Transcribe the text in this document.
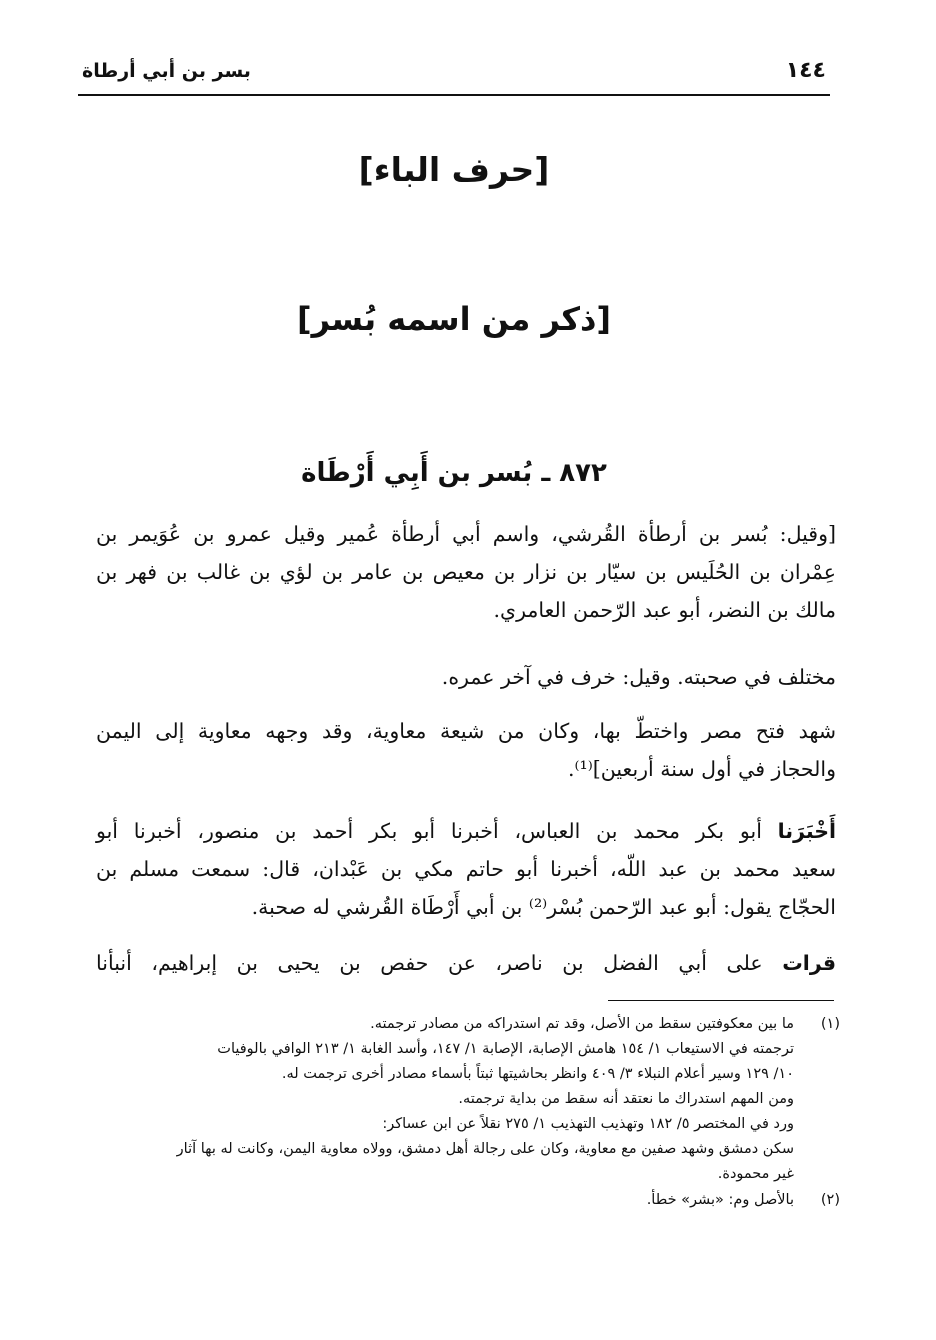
١٤٤
بسر بن أبي أرطاة
[حرف الباء]
[ذكر من اسمه بُسر]
٨٧٢ ـ بُسر بن أَبِي أَرْطَاة
[وقيل: بُسر بن أرطأة القُرشي، واسم أبي أرطأة عُمير وقيل عمرو بن عُوَيمر بن
عِمْران بن الحُلَيس بن سيّار بن نزار بن معيص بن عامر بن لؤي بن غالب بن فهر بن
مالك بن النضر، أبو عبد الرّحمن العامري.
مختلف في صحبته. وقيل: خرف في آخر عمره.
شهد فتح مصر واختطّ بها، وكان من شيعة معاوية، وقد وجهه معاوية إلى اليمن
والحجاز في أول سنة أربعين]⁽¹⁾.
أَخْبَرَنا أبو بكر محمد بن العباس، أخبرنا أبو بكر أحمد بن منصور، أخبرنا أبو
سعيد محمد بن عبد اللّه، أخبرنا أبو حاتم مكي بن عَبْدان، قال: سمعت مسلم بن
الحجّاج يقول: أبو عبد الرّحمن بُسْر⁽²⁾ بن أبي أَرْطَاة القُرشي له صحبة.
قرات على أبي الفضل بن ناصر، عن حفص بن يحيى بن إبراهيم، أنبأنا
(١)
ما بين معكوفتين سقط من الأصل، وقد تم استدراكه من مصادر ترجمته.
ترجمته في الاستيعاب ١/ ١٥٤ هامش الإصابة، الإصابة ١/ ١٤٧، وأسد الغابة ١/ ٢١٣ الوافي بالوفيات
١٠/ ١٢٩ وسير أعلام النبلاء ٣/ ٤٠٩ وانظر بحاشيتها ثبتاً بأسماء مصادر أخرى ترجمت له.
ومن المهم استدراك ما نعتقد أنه سقط من بداية ترجمته.
ورد في المختصر ٥/ ١٨٢ وتهذيب التهذيب ١/ ٢٧٥ نقلاً عن ابن عساكر:
سكن دمشق وشهد صفين مع معاوية، وكان على رجالة أهل دمشق، وولاه معاوية اليمن، وكانت له بها آثار
غير محمودة.
(٢)
بالأصل وم: «بشر» خطأ.
